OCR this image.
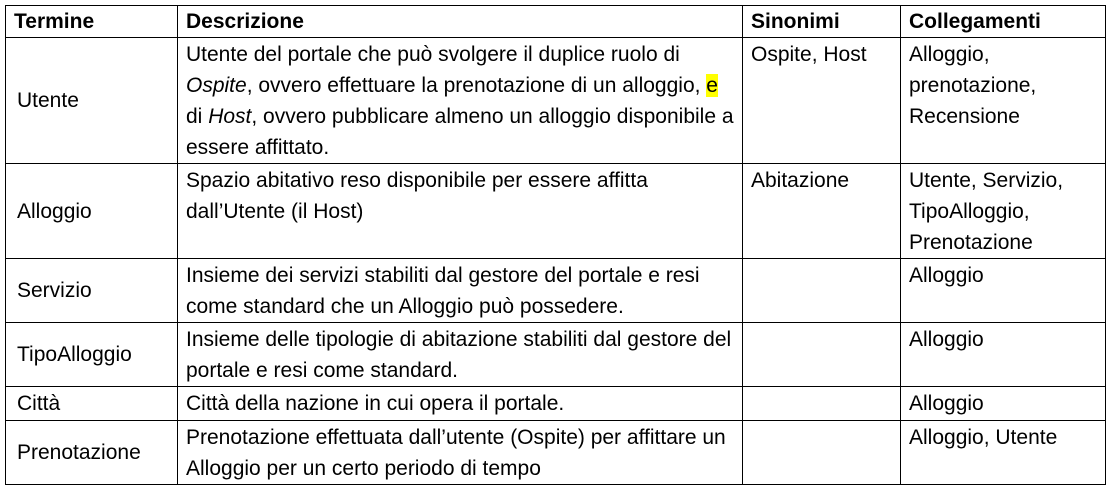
Termine	Descrizione	Sinonimi	Collegamenti
Utente	Utente del portale che può svolgere il duplice ruolo di Ospite, ovvero effettuare la prenotazione di un alloggio, e di Host, ovvero pubblicare almeno un alloggio disponibile a essere affittato.	Ospite, Host	Alloggio, prenotazione, Recensione
Alloggio	Spazio abitativo reso disponibile per essere affitta dall’Utente (il Host)	Abitazione	Utente, Servizio, TipoAlloggio, Prenotazione
Servizio	Insieme dei servizi stabiliti dal gestore del portale e resi come standard che un Alloggio può possedere.		Alloggio
TipoAlloggio	Insieme delle tipologie di abitazione stabiliti dal gestore del portale e resi come standard.		Alloggio
Città	Città della nazione in cui opera il portale.		Alloggio
Prenotazione	Prenotazione effettuata dall’utente (Ospite) per affittare un Alloggio per un certo periodo di tempo		Alloggio, Utente
